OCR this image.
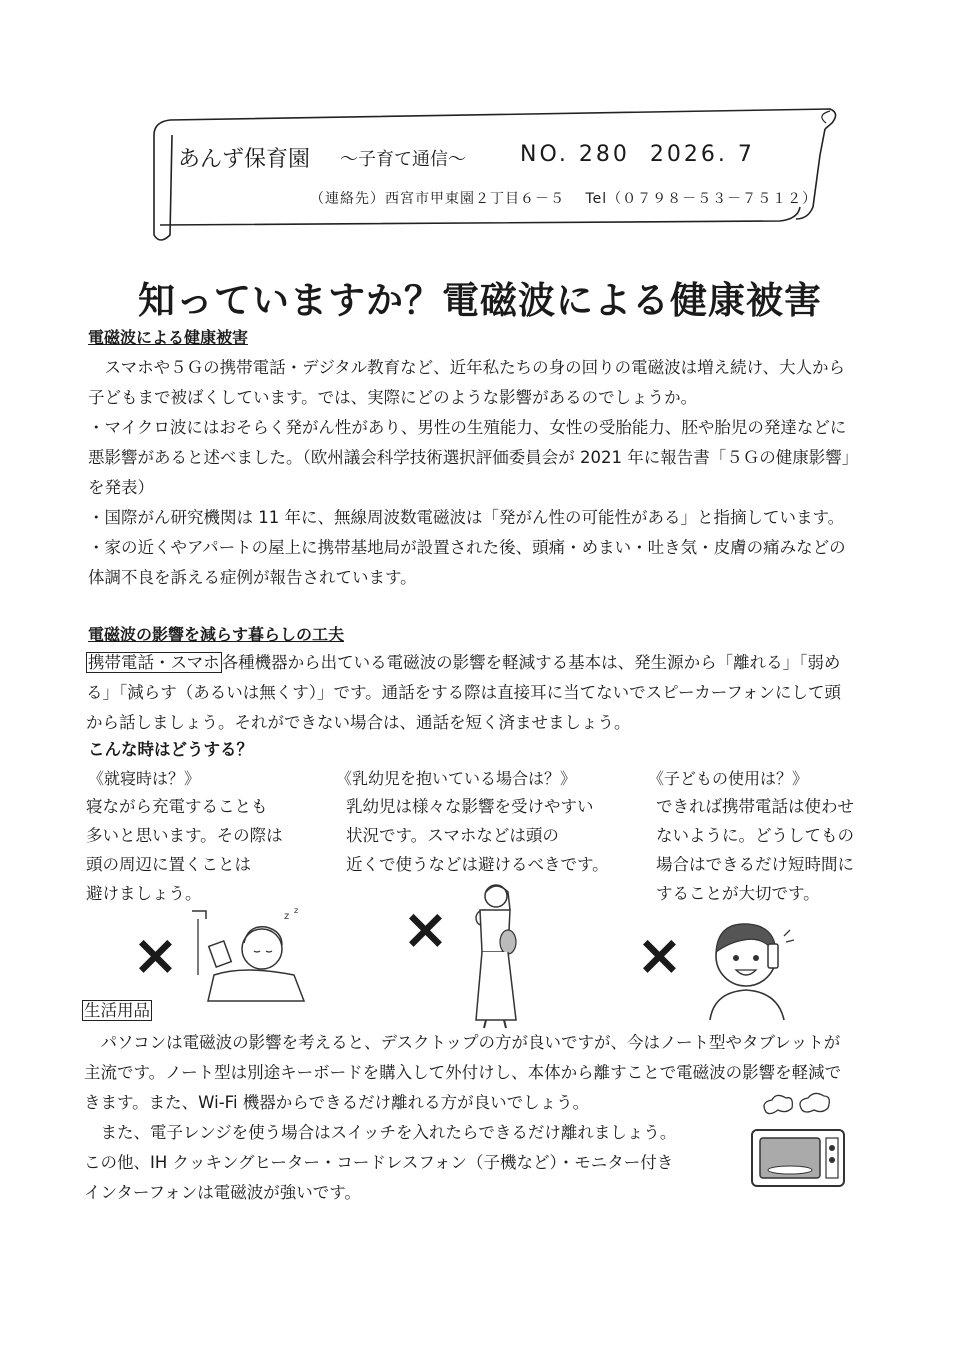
あんず保育園 ～子育て通信～ NO. 280 2026. 7
（連絡先）西宮市甲東園２丁目６－５　 Tel（０７９８－５３－７５１２）
知っていますか？電磁波による健康被害
電磁波による健康被害
　スマホや５Ｇの携帯電話・デジタル教育など、近年私たちの身の回りの電磁波は増え続け、大人から
子どもまで被ばくしています。では、実際にどのような影響があるのでしょうか。
・マイクロ波にはおそらく発がん性があり、男性の生殖能力、女性の受胎能力、胚や胎児の発達などに
悪影響があると述べました。（欧州議会科学技術選択評価委員会が 2021 年に報告書「５Ｇの健康影響」
を発表）
・国際がん研究機関は 11 年に、無線周波数電磁波は「発がん性の可能性がある」と指摘しています。
・家の近くやアパートの屋上に携帯基地局が設置された後、頭痛・めまい・吐き気・皮膚の痛みなどの
体調不良を訴える症例が報告されています。
電磁波の影響を減らす暮らしの工夫
携帯電話・スマホ 各種機器から出ている電磁波の影響を軽減する基本は、発生源から「離れる」「弱め
る」「減らす（あるいは無くす）」です。通話をする際は直接耳に当てないでスピーカーフォンにして頭
から話しましょう。それができない場合は、通話を短く済ませましょう。
こんな時はどうする？
《就寝時は？》
寝ながら充電することも
多いと思います。その際は
頭の周辺に置くことは
避けましょう。
《乳幼児を抱いている場合は？》
乳幼児は様々な影響を受けやすい
状況です。スマホなどは頭の
近くで使うなどは避けるべきです。
《子どもの使用は？》
できれば携帯電話は使わせ
ないように。どうしてもの
場合はできるだけ短時間に
することが大切です。
×	×	×
z
z
生活用品
　パソコンは電磁波の影響を考えると、デスクトップの方が良いですが、今はノート型やタブレットが
主流です。ノート型は別途キーボードを購入して外付けし、本体から離すことで電磁波の影響を軽減で
きます。また、Wi-Fi 機器からできるだけ離れる方が良いでしょう。
　また、電子レンジを使う場合はスイッチを入れたらできるだけ離れましょう。
この他、IH クッキングヒーター・コードレスフォン（子機など）・モニター付き
インターフォンは電磁波が強いです。
